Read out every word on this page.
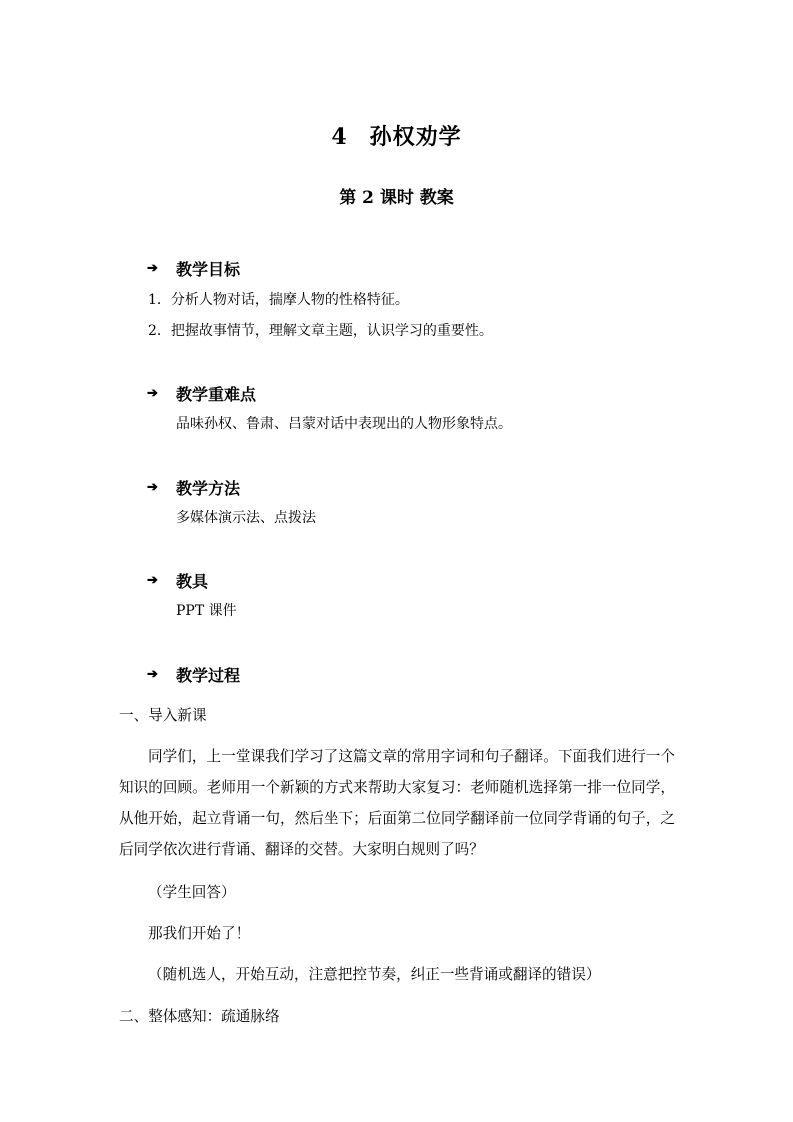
4 孙权劝学
第 2 课时 教案
➔	教学目标
1．分析人物对话，揣摩人物的性格特征。
2．把握故事情节，理解文章主题，认识学习的重要性。
➔	教学重难点
品味孙权、鲁肃、吕蒙对话中表现出的人物形象特点。
➔	教学方法
多媒体演示法、点拨法
➔	教具
PPT 课件
➔	教学过程
一、导入新课
同学们，上一堂课我们学习了这篇文章的常用字词和句子翻译。下面我们进行一个知识的回顾。老师用一个新颖的方式来帮助大家复习：老师随机选择第一排一位同学，从他开始，起立背诵一句，然后坐下；后面第二位同学翻译前一位同学背诵的句子，之后同学依次进行背诵、翻译的交替。大家明白规则了吗？
（学生回答）
那我们开始了！
（随机选人，开始互动，注意把控节奏，纠正一些背诵或翻译的错误）
二、整体感知：疏通脉络
